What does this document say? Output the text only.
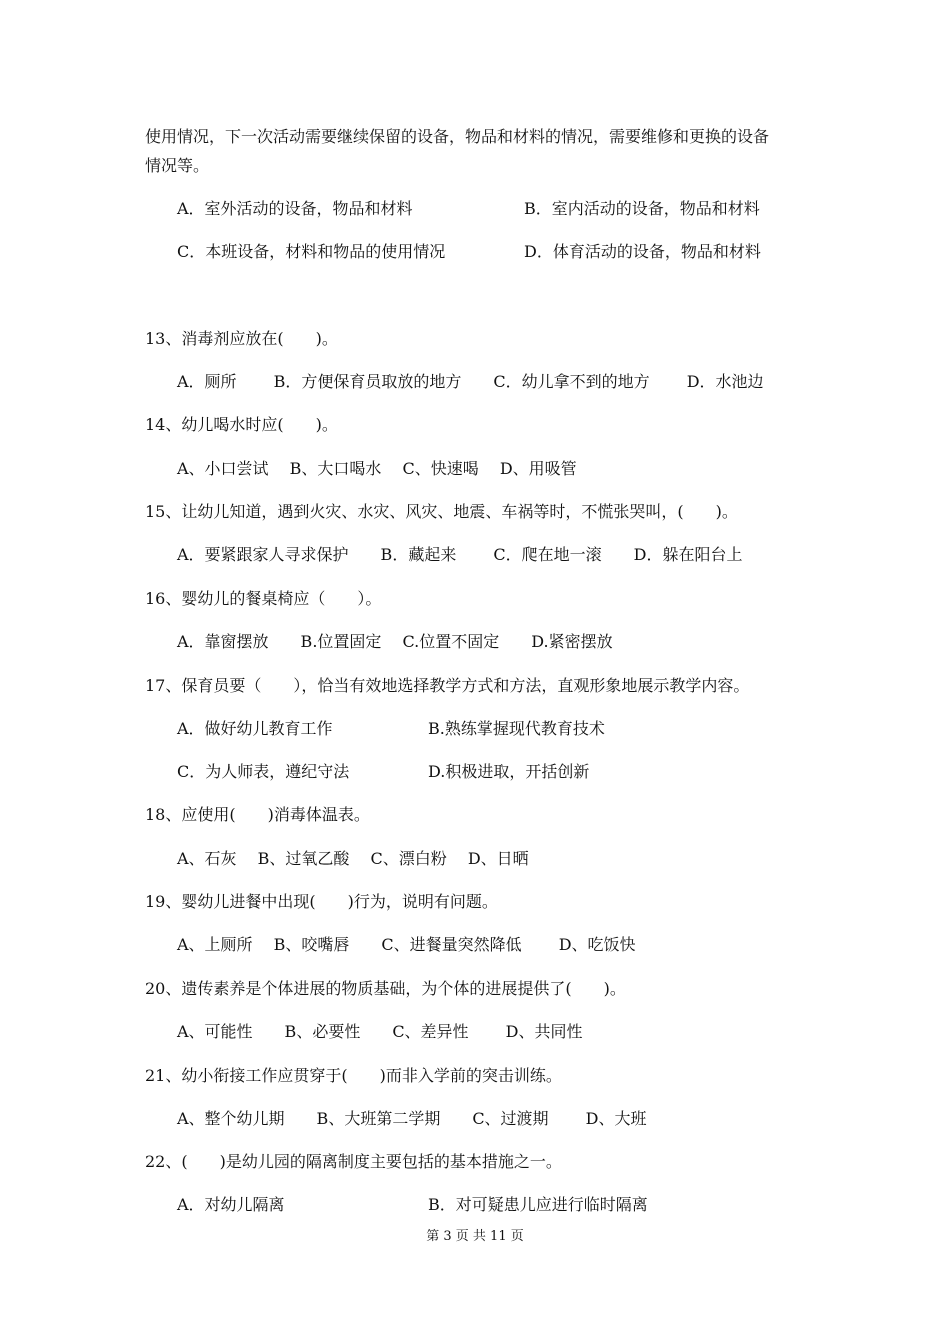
使用情况，下一次活动需要继续保留的设备，物品和材料的情况，需要维修和更换的设备
情况等。
A．室外活动的设备，物品和材料	B．室内活动的设备，物品和材料
C．本班设备，材料和物品的使用情况	D．体育活动的设备，物品和材料
13、消毒剂应放在(　　)。
A．厕所　　 B．方便保育员取放的地方　　C．幼儿拿不到的地方　　 D．水池边
14、幼儿喝水时应(　　)。
A、小口尝试　 B、大口喝水　 C、快速喝　 D、用吸管
15、让幼儿知道，遇到火灾、水灾、风灾、地震、车祸等时，不慌张哭叫，(　　)。
A．要紧跟家人寻求保护　　B．藏起来　　 C．爬在地一滚　　D．躲在阳台上
16、婴幼儿的餐桌椅应（　　）。
A．靠窗摆放　　B.位置固定　 C.位置不固定　　D.紧密摆放
17、保育员要（　　），恰当有效地选择教学方式和方法，直观形象地展示教学内容。
A．做好幼儿教育工作	B.熟练掌握现代教育技术
C．为人师表，遵纪守法	D.积极进取，开括创新
18、应使用(　　)消毒体温表。
A、石灰　 B、过氧乙酸　 C、漂白粉　 D、日晒
19、婴幼儿进餐中出现(　　)行为，说明有问题。
A、上厕所　 B、咬嘴唇　　C、进餐量突然降低　　 D、吃饭快
20、遗传素养是个体进展的物质基础，为个体的进展提供了(　　)。
A、可能性　　B、必要性　　C、差异性　　 D、共同性
21、幼小衔接工作应贯穿于(　　)而非入学前的突击训练。
A、整个幼儿期　　B、大班第二学期　　C、过渡期　　 D、大班
22、(　　)是幼儿园的隔离制度主要包括的基本措施之一。
A．对幼儿隔离	B．对可疑患儿应进行临时隔离
第 3 页 共 11 页
